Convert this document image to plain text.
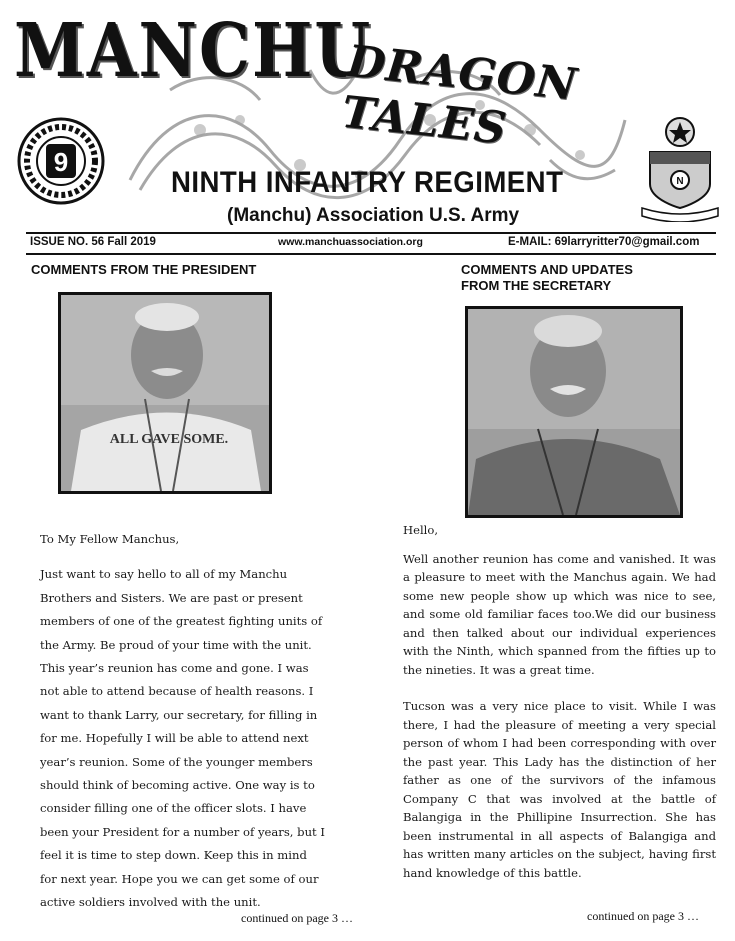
MANCHU
DRAGON TALES
9
N
NINTH INFANTRY REGIMENT
(Manchu) Association U.S. Army
ISSUE NO. 56 Fall 2019	www.manchuassociation.org	E-MAIL: 69larryritter70@gmail.com
COMMENTS FROM THE PRESIDENT
ALL GAVE SOME.

To My Fellow Manchus,

Just want to say hello to all of my Manchu
Brothers and Sisters. We are past or present
members of one of the greatest fighting units of
the Army. Be proud of your time with the unit.
This year’s reunion has come and gone. I was
not able to attend because of health reasons. I
want to thank Larry, our secretary, for filling in
for me. Hopefully I will be able to attend next
year’s reunion. Some of the younger members
should think of becoming active. One way is to
consider filling one of the officer slots. I have
been your President for a number of years, but I
feel it is time to step down. Keep this in mind
for next year. Hope you we can get some of our
active soldiers involved with the unit.

continued on page 3 …
COMMENTS AND UPDATES
FROM THE SECRETARY

Hello,

Well another reunion has come and vanished. It was a pleasure to meet with the Manchus again. We had some new people show up which was nice to see, and some old familiar faces too.We did our business and then talked about our individual experiences with the Ninth, which spanned from the fifties up to the nineties. It was a great time.

Tucson was a very nice place to visit. While I was there, I had the pleasure of meeting a very special person of whom I had been corresponding with over the past year. This Lady has the distinction of her father as one of the survivors of the infamous Company C that was involved at the battle of Balangiga in the Phillipine Insurrection. She has been instrumental in all aspects of Balangiga and has written many articles on the subject, having first hand knowledge of this battle.

continued on page 3 …
